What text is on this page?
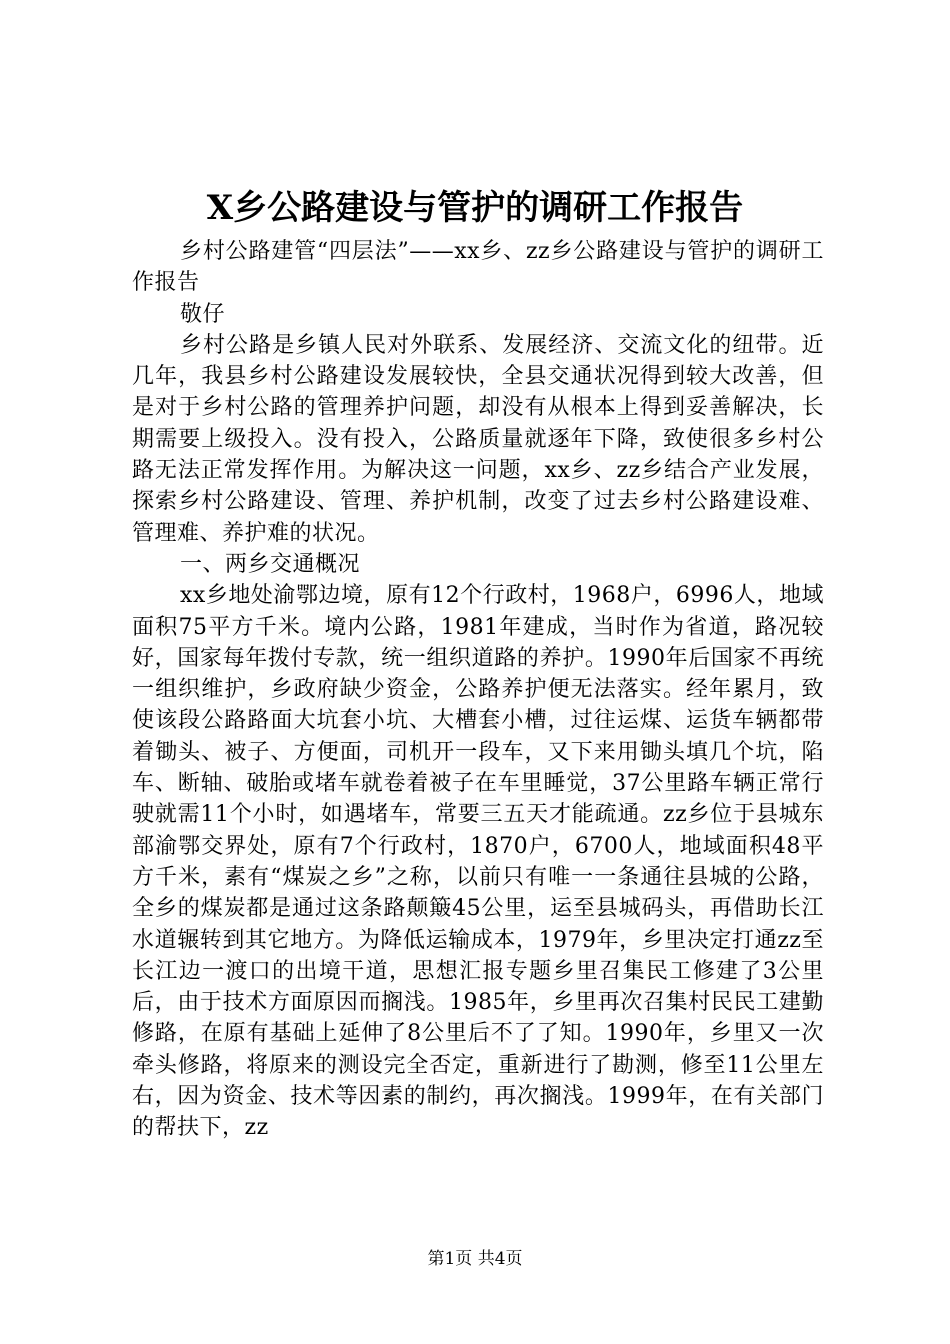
X乡公路建设与管护的调研工作报告

乡村公路建管“四层法”——xx乡、zz乡公路建设与管护的调研工作报告

敬仔

乡村公路是乡镇人民对外联系、发展经济、交流文化的纽带。近几年，我县乡村公路建设发展较快，全县交通状况得到较大改善，但是对于乡村公路的管理养护问题，却没有从根本上得到妥善解决，长期需要上级投入。没有投入，公路质量就逐年下降，致使很多乡村公路无法正常发挥作用。为解决这一问题，xx乡、zz乡结合产业发展，探索乡村公路建设、管理、养护机制，改变了过去乡村公路建设难、管理难、养护难的状况。

一、两乡交通概况

xx乡地处渝鄂边境，原有12个行政村，1968户，6996人，地域面积75平方千米。境内公路，1981年建成，当时作为省道，路况较好，国家每年拨付专款，统一组织道路的养护。1990年后国家不再统一组织维护，乡政府缺少资金，公路养护便无法落实。经年累月，致使该段公路路面大坑套小坑、大槽套小槽，过往运煤、运货车辆都带着锄头、被子、方便面，司机开一段车，又下来用锄头填几个坑，陷车、断轴、破胎或堵车就卷着被子在车里睡觉，37公里路车辆正常行驶就需11个小时，如遇堵车，常要三五天才能疏通。zz乡位于县城东部渝鄂交界处，原有7个行政村，1870户，6700人，地域面积48平方千米，素有“煤炭之乡”之称，以前只有唯一一条通往县城的公路，全乡的煤炭都是通过这条路颠簸45公里，运至县城码头，再借助长江水道辗转到其它地方。为降低运输成本，1979年，乡里决定打通zz至长江边一渡口的出境干道，思想汇报专题乡里召集民工修建了3公里后，由于技术方面原因而搁浅。1985年，乡里再次召集村民民工建勤修路，在原有基础上延伸了8公里后不了了知。1990年，乡里又一次牵头修路，将原来的测设完全否定，重新进行了勘测，修至11公里左右，因为资金、技术等因素的制约，再次搁浅。1999年，在有关部门的帮扶下，zz

第1页 共4页
